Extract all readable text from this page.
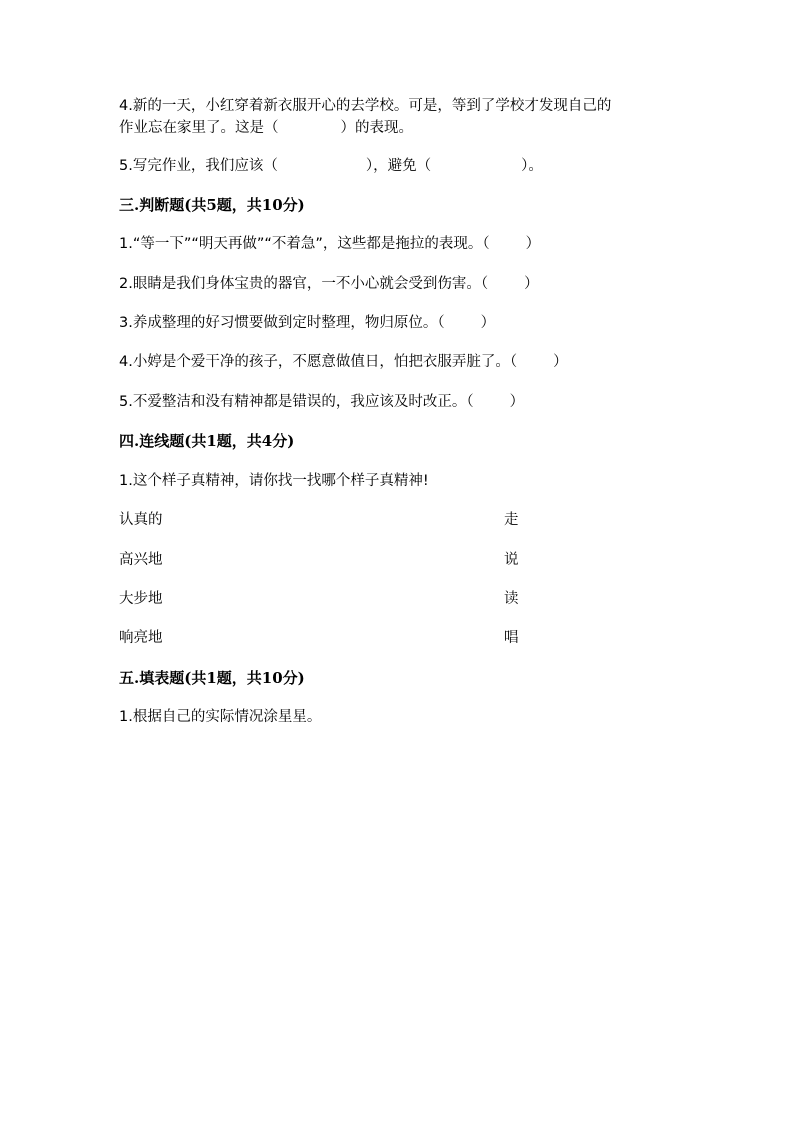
4.新的一天，小红穿着新衣服开心的去学校。可是，等到了学校才发现自己的
作业忘在家里了。这是（	）的表现。
5.写完作业，我们应该（	），避免（	）。
三.判断题(共5题，共10分)
1.“等一下”“明天再做”“不着急”，这些都是拖拉的表现。（ ）
2.眼睛是我们身体宝贵的器官，一不小心就会受到伤害。（ ）
3.养成整理的好习惯要做到定时整理，物归原位。（ ）
4.小婷是个爱干净的孩子，不愿意做值日，怕把衣服弄脏了。（ ）
5.不爱整洁和没有精神都是错误的，我应该及时改正。（ ）
四.连线题(共1题，共4分)
1.这个样子真精神，请你找一找哪个样子真精神!
认真的	走
高兴地	说
大步地	读
响亮地	唱
五.填表题(共1题，共10分)
1.根据自己的实际情况涂星星。
